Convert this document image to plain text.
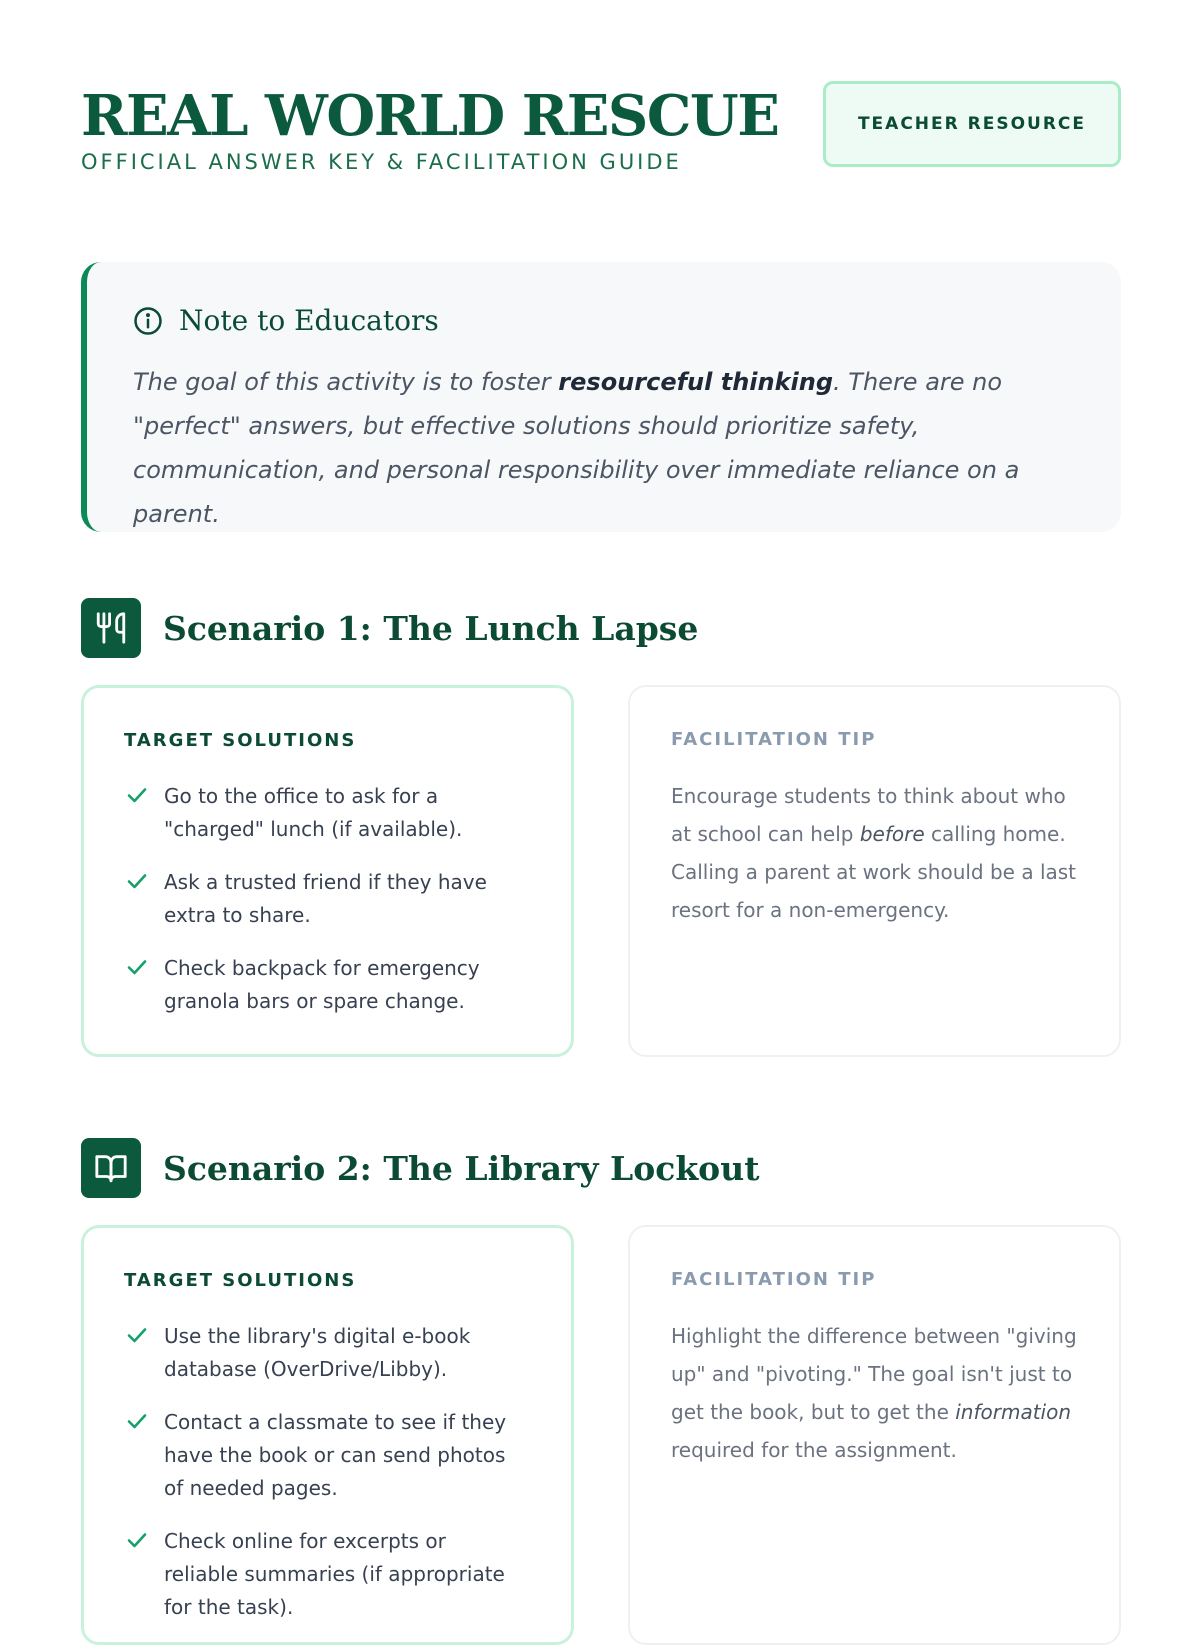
REAL WORLD RESCUE
OFFICIAL ANSWER KEY & FACILITATION GUIDE
TEACHER RESOURCE
Note to Educators

The goal of this activity is to foster resourceful thinking. There are no "perfect" answers, but effective solutions should prioritize safety, communication, and personal responsibility over immediate reliance on a parent.

Scenario 1: The Lunch Lapse
TARGET SOLUTIONS
Go to the office to ask for a "charged" lunch (if available).
Ask a trusted friend if they have extra to share.
Check backpack for emergency granola bars or spare change.
FACILITATION TIP

Encourage students to think about who at school can help before calling home. Calling a parent at work should be a last resort for a non-emergency.

Scenario 2: The Library Lockout
TARGET SOLUTIONS
Use the library's digital e-book database (OverDrive/Libby).
Contact a classmate to see if they have the book or can send photos of needed pages.
Check online for excerpts or reliable summaries (if appropriate for the task).
FACILITATION TIP

Highlight the difference between "giving up" and "pivoting." The goal isn't just to get the book, but to get the information required for the assignment.
